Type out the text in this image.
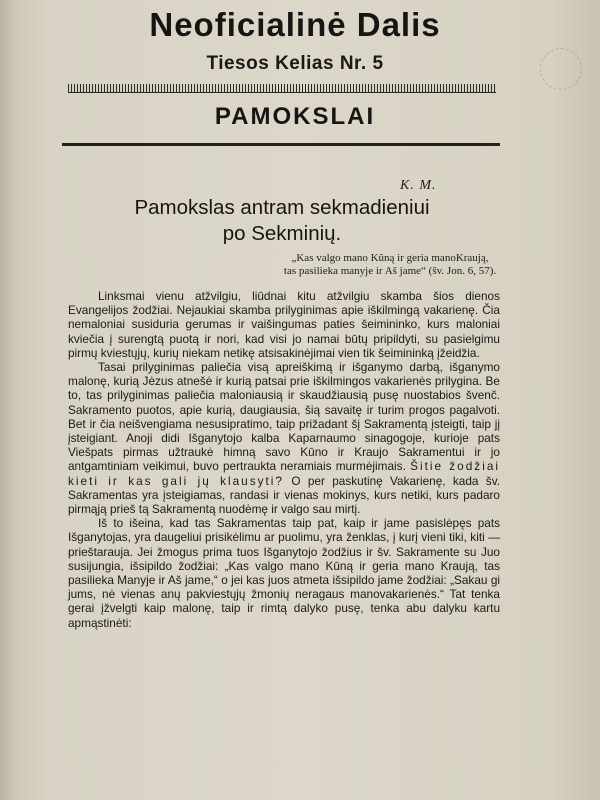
Neoficialinė Dalis
Tiesos Kelias Nr. 5
PAMOKSLAI
K. M.
Pamokslas antram sekmadieniui
po Sekminių.
„Kas valgo mano Kūną ir geria manoKraują,
tas pasilieka manyje ir Aš jame“ (šv. Jon. 6, 57).

Linksmai vienu atžvilgiu, liūdnai kitu atžvilgiu skamba šios dienos Evangelijos žodžiai. Nejaukiai skamba prilyginimas apie iškilmingą vakarienę. Čia nemaloniai susiduria gerumas ir vaišingumas paties šeimininko, kurs maloniai kviečia į surengtą puotą ir nori, kad visi jo namai būtų pripildyti, su pasielgimu pirmų kviestųjų, kurių niekam netikę atsisakinėjimai vien tik šeimininką įžeidžia.

Tasai prilyginimas paliečia visą apreiškimą ir išganymo darbą, išganymo malonę, kurią Jėzus atnešė ir kurią patsai prie iškilmingos vakarienės prilygina. Be to, tas prilyginimas paliečia maloniausią ir skaudžiausią pusę nuostabios švenč. Sakramento puotos, apie kurią, daugiausia, šią savaitę ir turim progos pagalvoti. Bet ir čia neišvengiama nesusipratimo, taip prižadant šį Sakramentą įsteigti, taip jį įsteigiant. Anoji didi Išganytojo kalba Kaparnaumo sinagogoje, kurioje pats Viešpats pirmas užtraukė himną savo Kūno ir Kraujo Sakramentui ir jo antgamtiniam veikimui, buvo pertraukta neramiais murmėjimais. Šitie žodžiai kieti ir kas gali jų klausyti? O per paskutinę Vakarienę, kada šv. Sakramentas yra įsteigiamas, randasi ir vienas mokinys, kurs netiki, kurs padaro pirmąją prieš tą Sakramentą nuodėmę ir valgo sau mirtį.

Iš to išeina, kad tas Sakramentas taip pat, kaip ir jame pasislėpęs pats Išganytojas, yra daugeliui prisikėlimu ar puolimu, yra ženklas, į kurį vieni tiki, kiti — prieštarauja. Jei žmogus prima tuos Išganytojo žodžius ir šv. Sakramente su Juo susijungia, išsipildo žodžiai: „Kas valgo mano Kūną ir geria mano Kraują, tas pasilieka Manyje ir Aš jame,“ o jei kas juos atmeta išsipildo jame žodžiai: „Sakau gi jums, nė vienas anų pakviestųjų žmonių neragaus manovakarienės.“ Tat tenka gerai įžvelgti kaip malonę, taip ir rimtą dalyko pusę, tenka abu dalyku kartu apmąstinėti:
